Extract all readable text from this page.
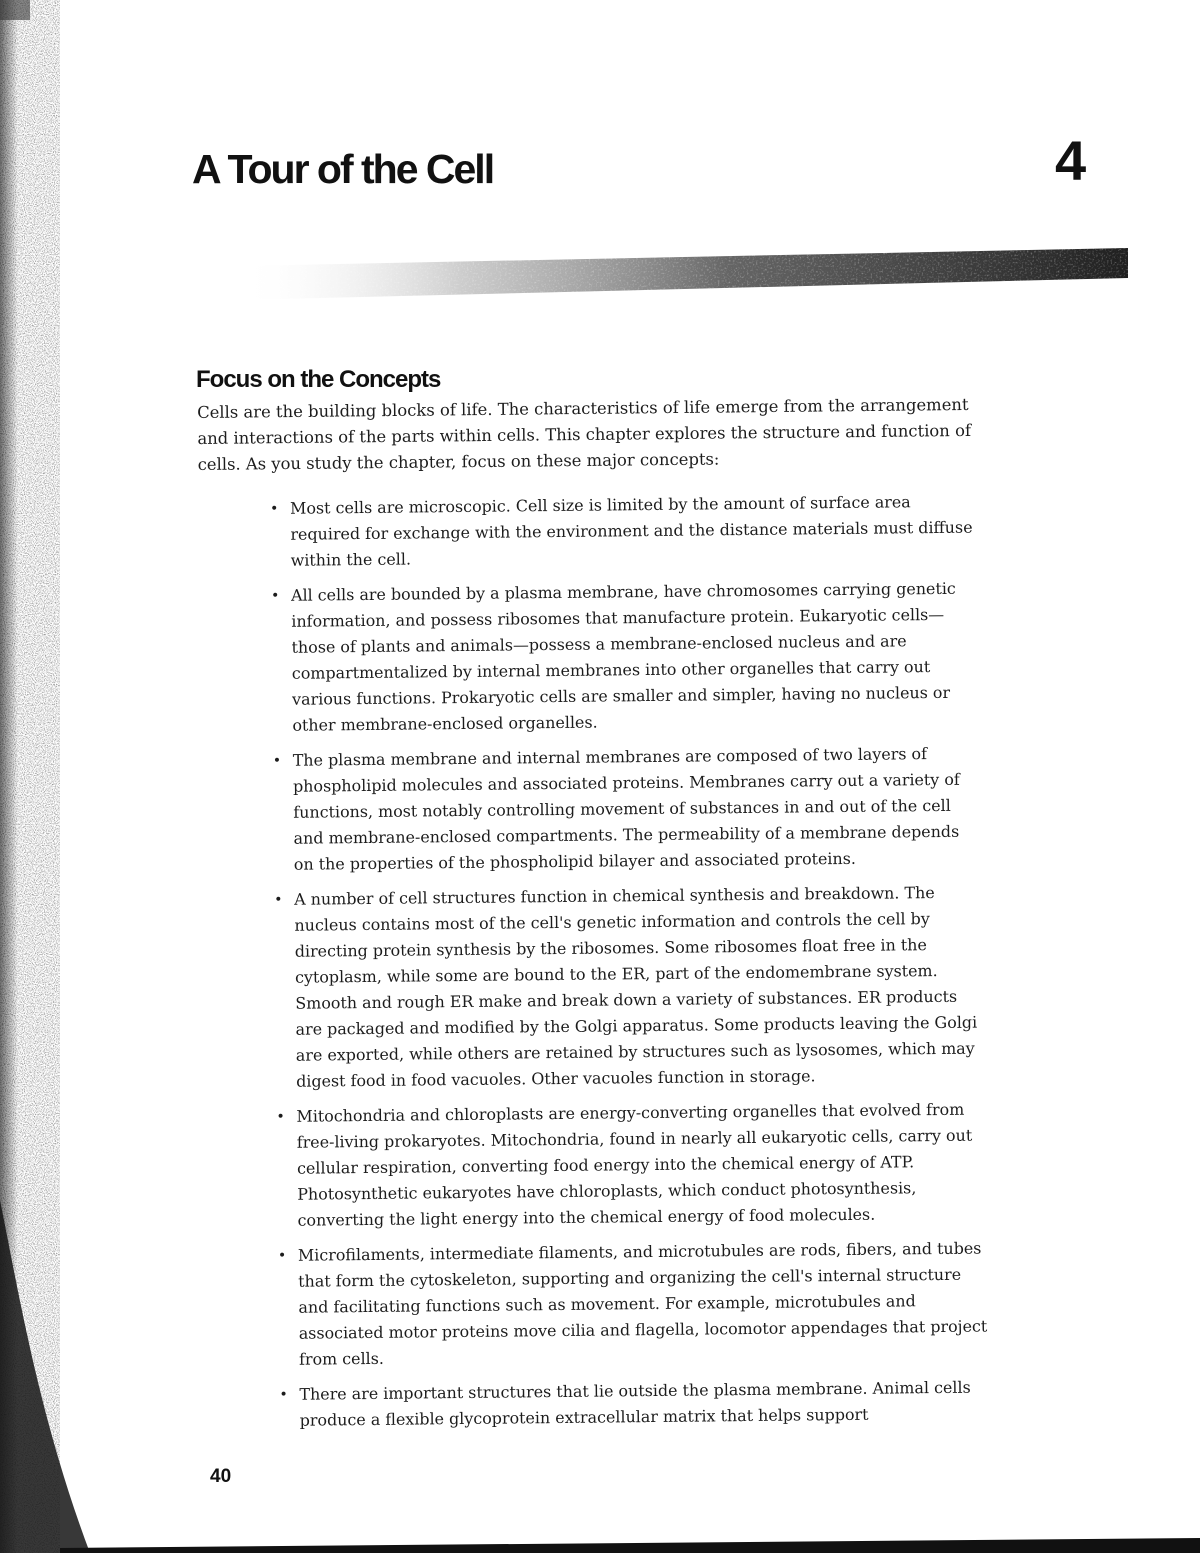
A Tour of the Cell	4
Focus on the Concepts

Cells are the building blocks of life. The characteristics of life emerge from the arrangement and interactions of the parts within cells. This chapter explores the structure and function of cells. As you study the chapter, focus on these major concepts:

• Most cells are microscopic. Cell size is limited by the amount of surface area required for exchange with the environment and the distance materials must diffuse within the cell.
• All cells are bounded by a plasma membrane, have chromosomes carrying genetic information, and possess ribosomes that manufacture protein. Eukaryotic cells—those of plants and animals—possess a membrane-enclosed nucleus and are compartmentalized by internal membranes into other organelles that carry out various functions. Prokaryotic cells are smaller and simpler, having no nucleus or other membrane-enclosed organelles.
• The plasma membrane and internal membranes are composed of two layers of phospholipid molecules and associated proteins. Membranes carry out a variety of functions, most notably controlling movement of substances in and out of the cell and membrane-enclosed compartments. The permeability of a membrane depends on the properties of the phospholipid bilayer and associated proteins.
• A number of cell structures function in chemical synthesis and breakdown. The nucleus contains most of the cell's genetic information and controls the cell by directing protein synthesis by the ribosomes. Some ribosomes float free in the cytoplasm, while some are bound to the ER, part of the endomembrane system. Smooth and rough ER make and break down a variety of substances. ER products are packaged and modified by the Golgi apparatus. Some products leaving the Golgi are exported, while others are retained by structures such as lysosomes, which may digest food in food vacuoles. Other vacuoles function in storage.
• Mitochondria and chloroplasts are energy-converting organelles that evolved from free-living prokaryotes. Mitochondria, found in nearly all eukaryotic cells, carry out cellular respiration, converting food energy into the chemical energy of ATP. Photosynthetic eukaryotes have chloroplasts, which conduct photosynthesis, converting the light energy into the chemical energy of food molecules.
• Microfilaments, intermediate filaments, and microtubules are rods, fibers, and tubes that form the cytoskeleton, supporting and organizing the cell's internal structure and facilitating functions such as movement. For example, microtubules and associated motor proteins move cilia and flagella, locomotor appendages that project from cells.
• There are important structures that lie outside the plasma membrane. Animal cells produce a flexible glycoprotein extracellular matrix that helps support
40
